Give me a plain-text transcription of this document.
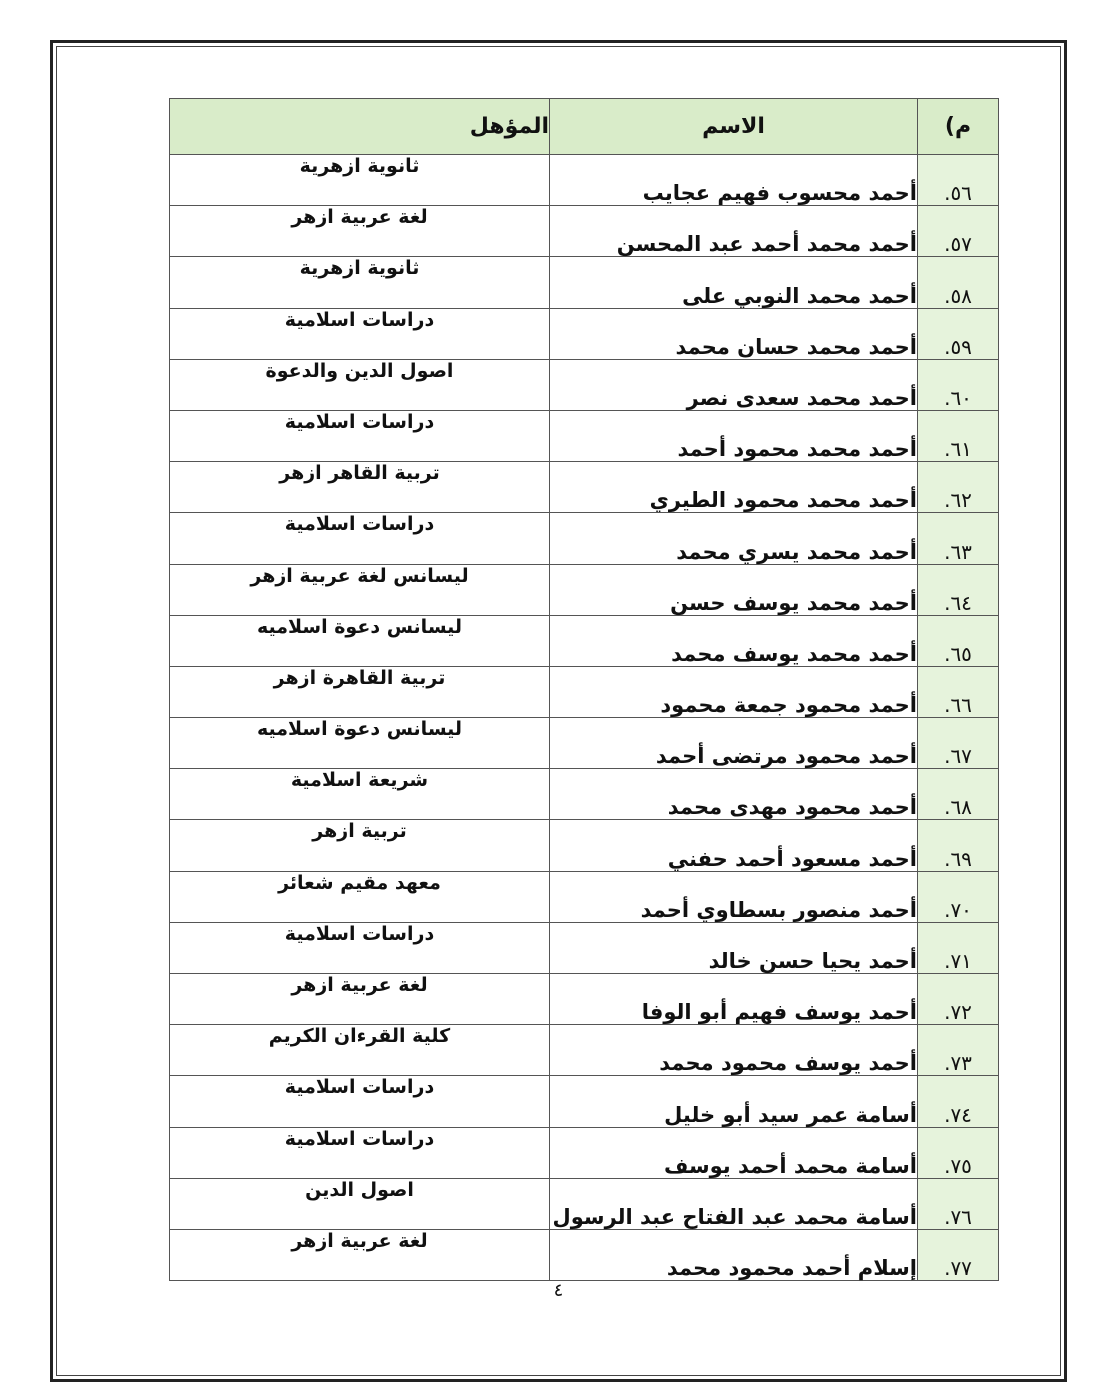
م)	الاسم	المؤهل
٥٦.	أحمد محسوب فهيم عجايب	ثانوية ازهرية
٥٧.	أحمد محمد أحمد عبد المحسن	لغة عربية ازهر
٥٨.	أحمد محمد النوبي على	ثانوية ازهرية
٥٩.	أحمد محمد حسان محمد	دراسات اسلامية
٦٠.	أحمد محمد سعدى نصر	اصول الدين والدعوة
٦١.	أحمد محمد محمود أحمد	دراسات اسلامية
٦٢.	أحمد محمد محمود الطيري	تربية القاهر ازهر
٦٣.	أحمد محمد يسري محمد	دراسات اسلامية
٦٤.	أحمد محمد يوسف حسن	ليسانس لغة عربية ازهر
٦٥.	أحمد محمد يوسف محمد	ليسانس دعوة اسلاميه
٦٦.	أحمد محمود جمعة محمود	تربية القاهرة ازهر
٦٧.	أحمد محمود مرتضى أحمد	ليسانس دعوة اسلاميه
٦٨.	أحمد محمود مهدى محمد	شريعة اسلامية
٦٩.	أحمد مسعود أحمد حفني	تربية ازهر
٧٠.	أحمد منصور بسطاوي أحمد	معهد مقيم شعائر
٧١.	أحمد يحيا حسن خالد	دراسات اسلامية
٧٢.	أحمد يوسف فهيم أبو الوفا	لغة عربية ازهر
٧٣.	أحمد يوسف محمود محمد	كلية القرءان الكريم
٧٤.	أسامة عمر سيد أبو خليل	دراسات اسلامية
٧٥.	أسامة محمد أحمد يوسف	دراسات اسلامية
٧٦.	أسامة محمد عبد الفتاح عبد الرسول	اصول الدين
٧٧.	إسلام أحمد محمود محمد	لغة عربية ازهر
٤
